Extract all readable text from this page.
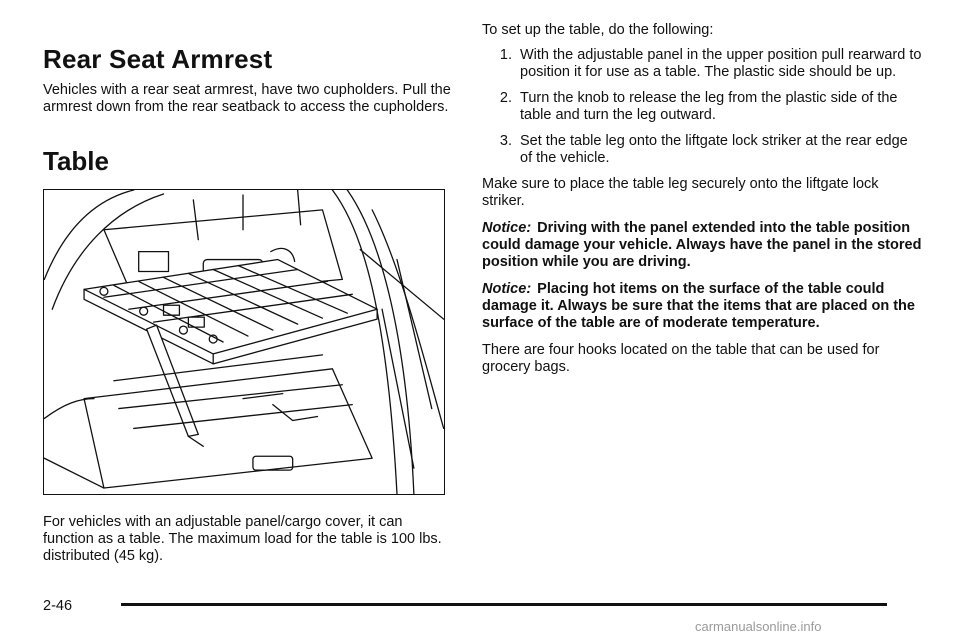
Rear Seat Armrest

Vehicles with a rear seat armrest, have two cupholders. Pull the armrest down from the rear seatback to access the cupholders.

Table

For vehicles with an adjustable panel/cargo cover, it can function as a table. The maximum load for the table is 100 lbs. distributed (45 kg).

To set up the table, do the following:

1. With the adjustable panel in the upper position pull rearward to position it for use as a table. The plastic side should be up.
2. Turn the knob to release the leg from the plastic side of the table and turn the leg outward.
3. Set the table leg onto the liftgate lock striker at the rear edge of the vehicle.

Make sure to place the table leg securely onto the liftgate lock striker.

Notice: Driving with the panel extended into the table position could damage your vehicle. Always have the panel in the stored position while you are driving.

Notice: Placing hot items on the surface of the table could damage it. Always be sure that the items that are placed on the surface of the table are of moderate temperature.

There are four hooks located on the table that can be used for grocery bags.

2-46
carmanualsonline.info
